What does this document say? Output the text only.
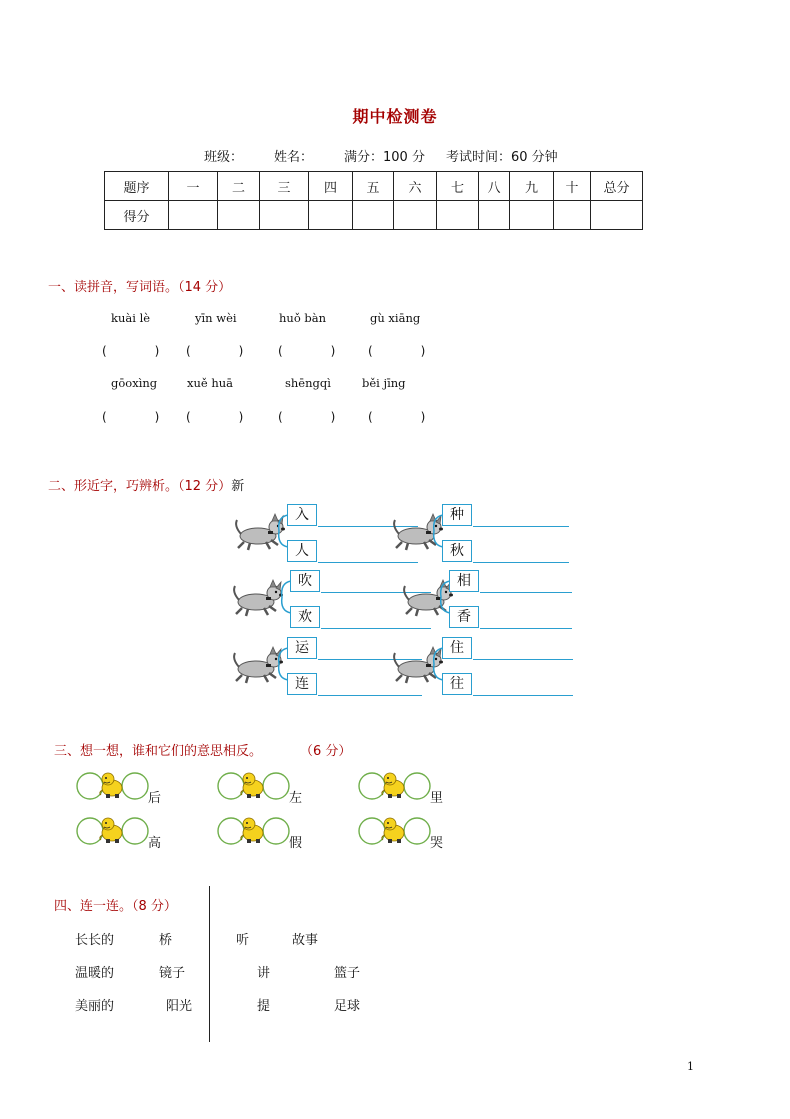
期中检测卷
班级： 姓名： 满分：100 分 考试时间：60 分钟
题序	一	二	三	四	五	六	七	八	九	十	总分
得分											
一、读拼音，写词语。（14 分）
kuài lè	yīn wèi	huǒ bàn	gù xiāng
(　　　　) (　　　　)	(　　　　)	(　　　　)
gōoxìng	xuě huā	shēngqì	běi jīng
(　　　　) (　　　　)	(　　　　)	(　　　　)
二、形近字，巧辨析。（12 分）新
入
人
种
秋
吹
欢
相
香
运
连
住
往
三、想一想，谁和它们的意思相反。	（6 分）
后	左	里
高	假	哭
四、连一连。（8 分）
长长的	桥
温暖的	镜子
美丽的	阳光
听	故事
讲	篮子
提	足球
1
